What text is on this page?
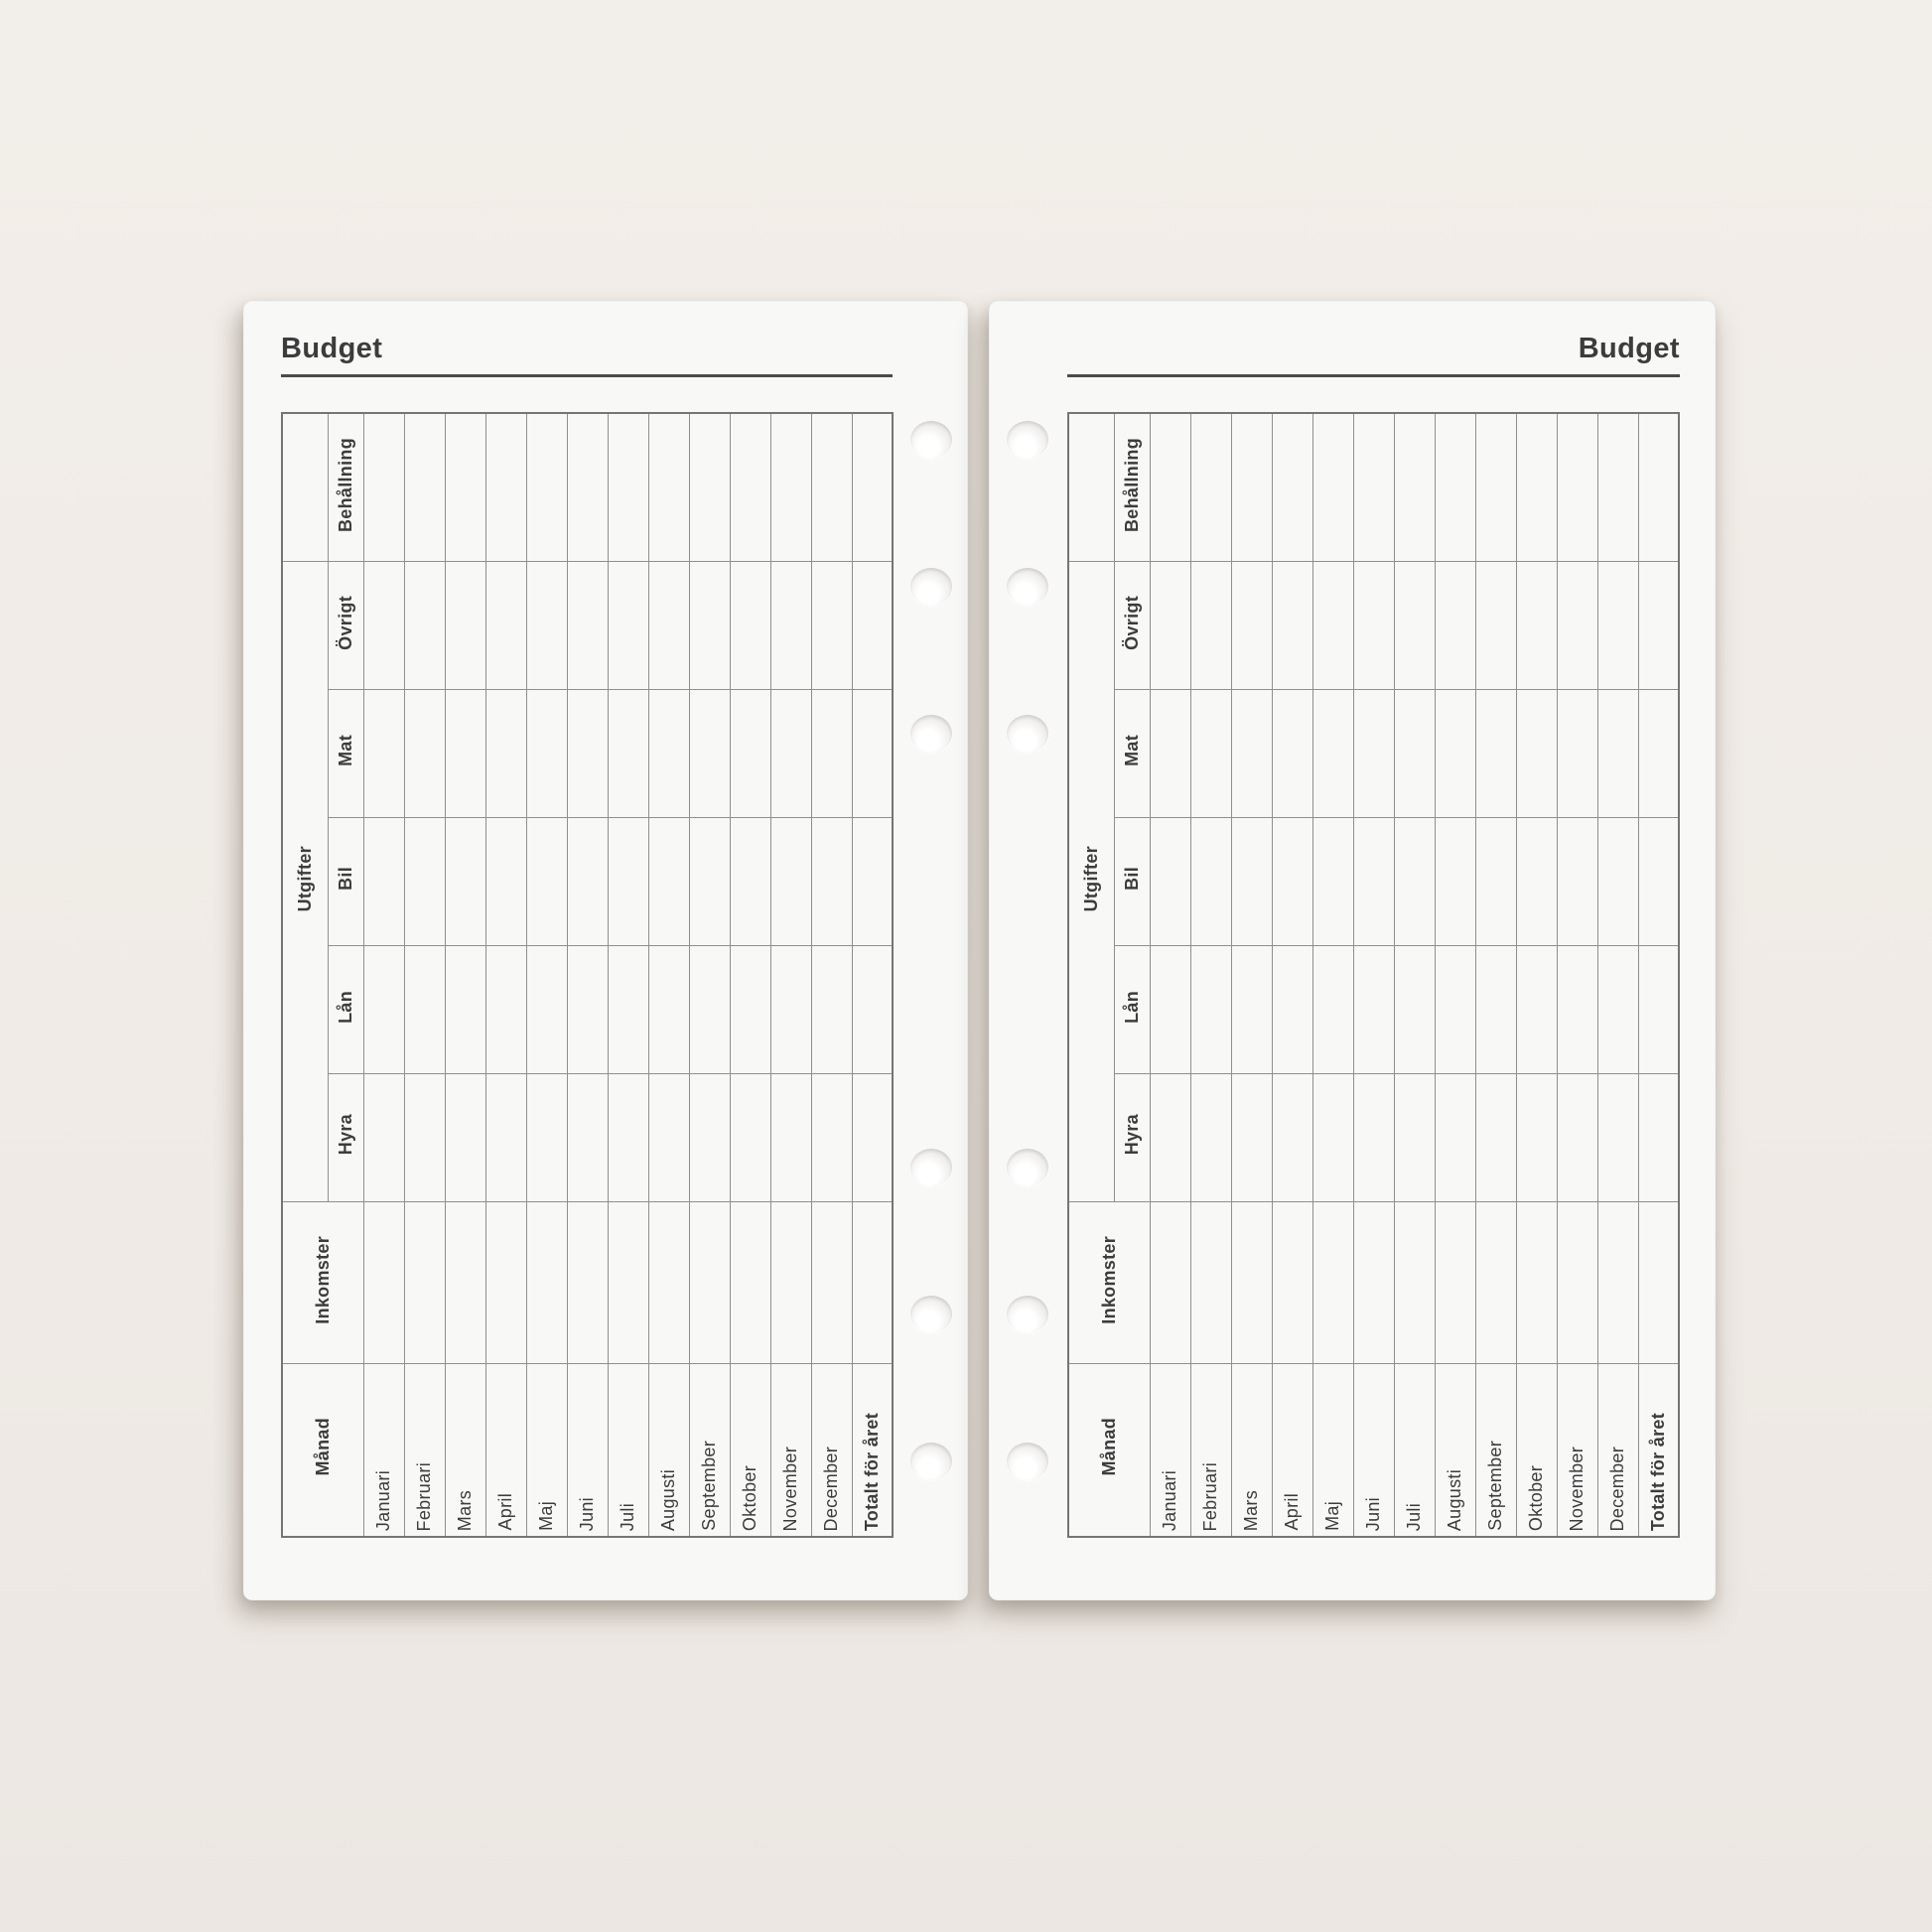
Budget
	Behållning													
Utgifter	Övrigt													
	Mat													
	Bil													
	Lån													
	Hyra													
Inkomster														
Månad		Januari	Februari	Mars	April	Maj	Juni	Juli	Augusti	September	Oktober	November	December	Totalt för året
Budget
	Behållning													
Utgifter	Övrigt													
	Mat													
	Bil													
	Lån													
	Hyra													
Inkomster														
Månad		Januari	Februari	Mars	April	Maj	Juni	Juli	Augusti	September	Oktober	November	December	Totalt för året
